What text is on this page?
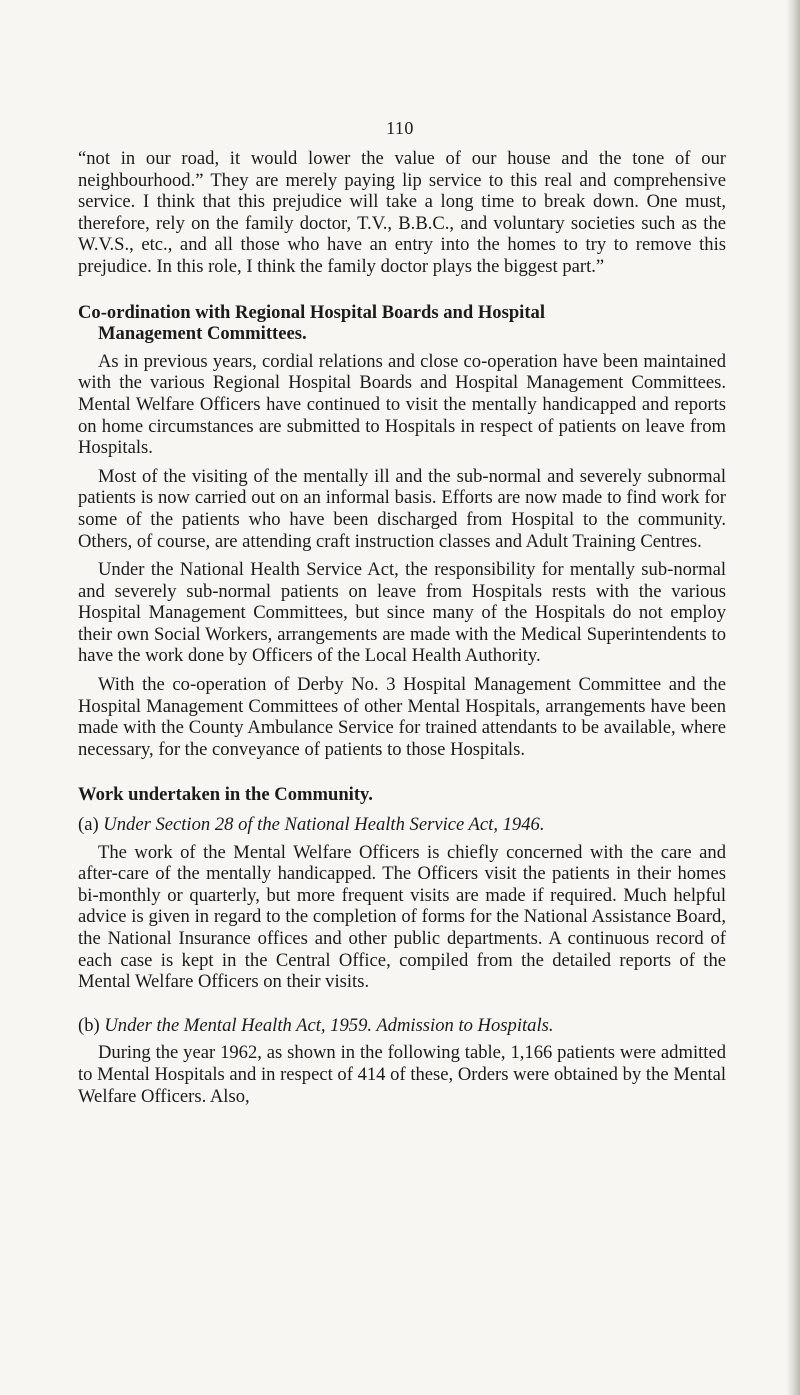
110

“not in our road, it would lower the value of our house and the tone of our neighbourhood.” They are merely paying lip service to this real and comprehensive service. I think that this prejudice will take a long time to break down. One must, therefore, rely on the family doctor, T.V., B.B.C., and voluntary societies such as the W.V.S., etc., and all those who have an entry into the homes to try to remove this prejudice. In this role, I think the family doctor plays the biggest part.”

Co-ordination with Regional Hospital Boards and Hospital
Management Committees.

As in previous years, cordial relations and close co-operation have been maintained with the various Regional Hospital Boards and Hospital Management Committees. Mental Welfare Officers have continued to visit the mentally handicapped and reports on home circumstances are submitted to Hospitals in respect of patients on leave from Hospitals.

Most of the visiting of the mentally ill and the sub-normal and severely subnormal patients is now carried out on an informal basis. Efforts are now made to find work for some of the patients who have been discharged from Hospital to the community. Others, of course, are attending craft instruction classes and Adult Training Centres.

Under the National Health Service Act, the responsibility for mentally sub-normal and severely sub-normal patients on leave from Hospitals rests with the various Hospital Management Committees, but since many of the Hospitals do not employ their own Social Workers, arrangements are made with the Medical Superintendents to have the work done by Officers of the Local Health Authority.

With the co-operation of Derby No. 3 Hospital Management Committee and the Hospital Management Committees of other Mental Hospitals, arrangements have been made with the County Ambulance Service for trained attendants to be available, where necessary, for the conveyance of patients to those Hospitals.

Work undertaken in the Community.

(a) Under Section 28 of the National Health Service Act, 1946.

The work of the Mental Welfare Officers is chiefly concerned with the care and after-care of the mentally handicapped. The Officers visit the patients in their homes bi-monthly or quarterly, but more frequent visits are made if required. Much helpful advice is given in regard to the completion of forms for the National Assistance Board, the National Insurance offices and other public departments. A continuous record of each case is kept in the Central Office, compiled from the detailed reports of the Mental Welfare Officers on their visits.

(b) Under the Mental Health Act, 1959. Admission to Hospitals.

During the year 1962, as shown in the following table, 1,166 patients were admitted to Mental Hospitals and in respect of 414 of these, Orders were obtained by the Mental Welfare Officers. Also,
